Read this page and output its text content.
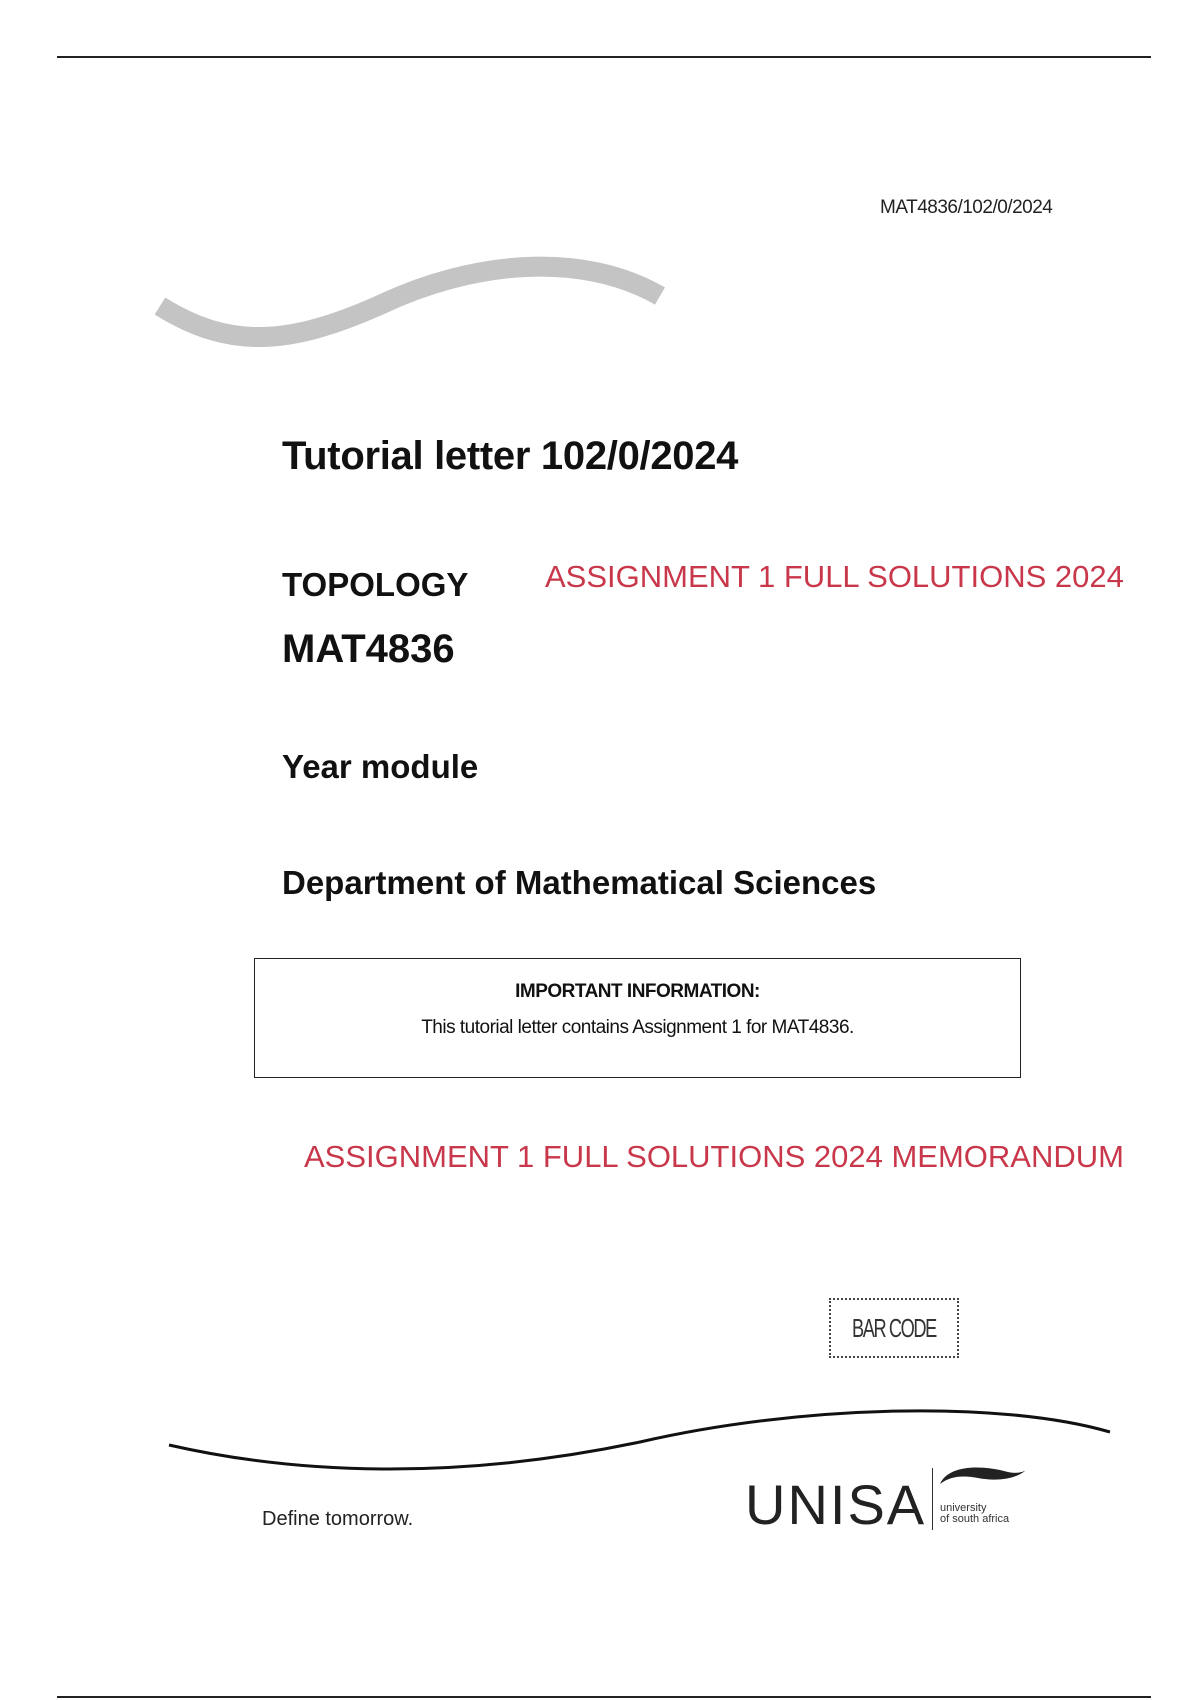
MAT4836/102/0/2024
Tutorial letter 102/0/2024
TOPOLOGY ASSIGNMENT 1 FULL SOLUTIONS 2024
MAT4836
Year module
Department of Mathematical Sciences
IMPORTANT INFORMATION:
This tutorial letter contains Assignment 1 for MAT4836.
ASSIGNMENT 1 FULL SOLUTIONS 2024 MEMORANDUM
BAR CODE
Define tomorrow.	UNISA university
of south africa
